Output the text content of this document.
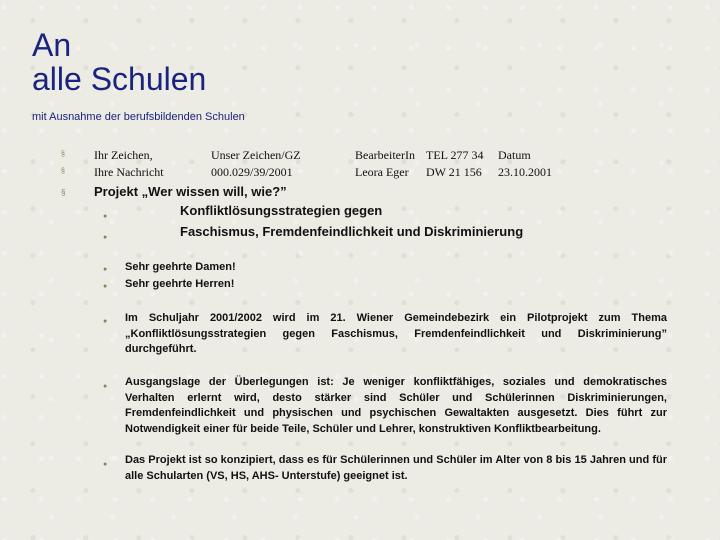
An
alle Schulen
mit Ausnahme der berufsbildenden Schulen
§
§
Ihr Zeichen,
Ihre Nachricht
Unser Zeichen/GZ
000.029/39/2001
BearbeiterIn
Leora Eger
TEL 277 34
DW 21 156
Datum
23.10.2001
§ Projekt „Wer wissen will, wie?”
●	Konfliktlösungsstrategien gegen
●	Faschismus, Fremdenfeindlichkeit und Diskriminierung
● Sehr geehrte Damen!
● Sehr geehrte Herren!
● Im Schuljahr 2001/2002 wird im 21. Wiener Gemeindebezirk ein Pilotprojekt zum Thema „Konfliktlösungsstrategien gegen Faschismus, Fremdenfeindlichkeit und Diskriminierung” durchgeführt.
● Ausgangslage der Überlegungen ist: Je weniger konfliktfähiges, soziales und demokratisches Verhalten erlernt wird, desto stärker sind Schüler und Schülerinnen Diskriminierungen, Fremdenfeindlichkeit und physischen und psychischen Gewaltakten ausgesetzt. Dies führt zur Notwendigkeit einer für beide Teile, Schüler und Lehrer, konstruktiven Konfliktbearbeitung.
● Das Projekt ist so konzipiert, dass es für Schülerinnen und Schüler im Alter von 8 bis 15 Jahren und für alle Schularten (VS, HS, AHS- Unterstufe) geeignet ist.
